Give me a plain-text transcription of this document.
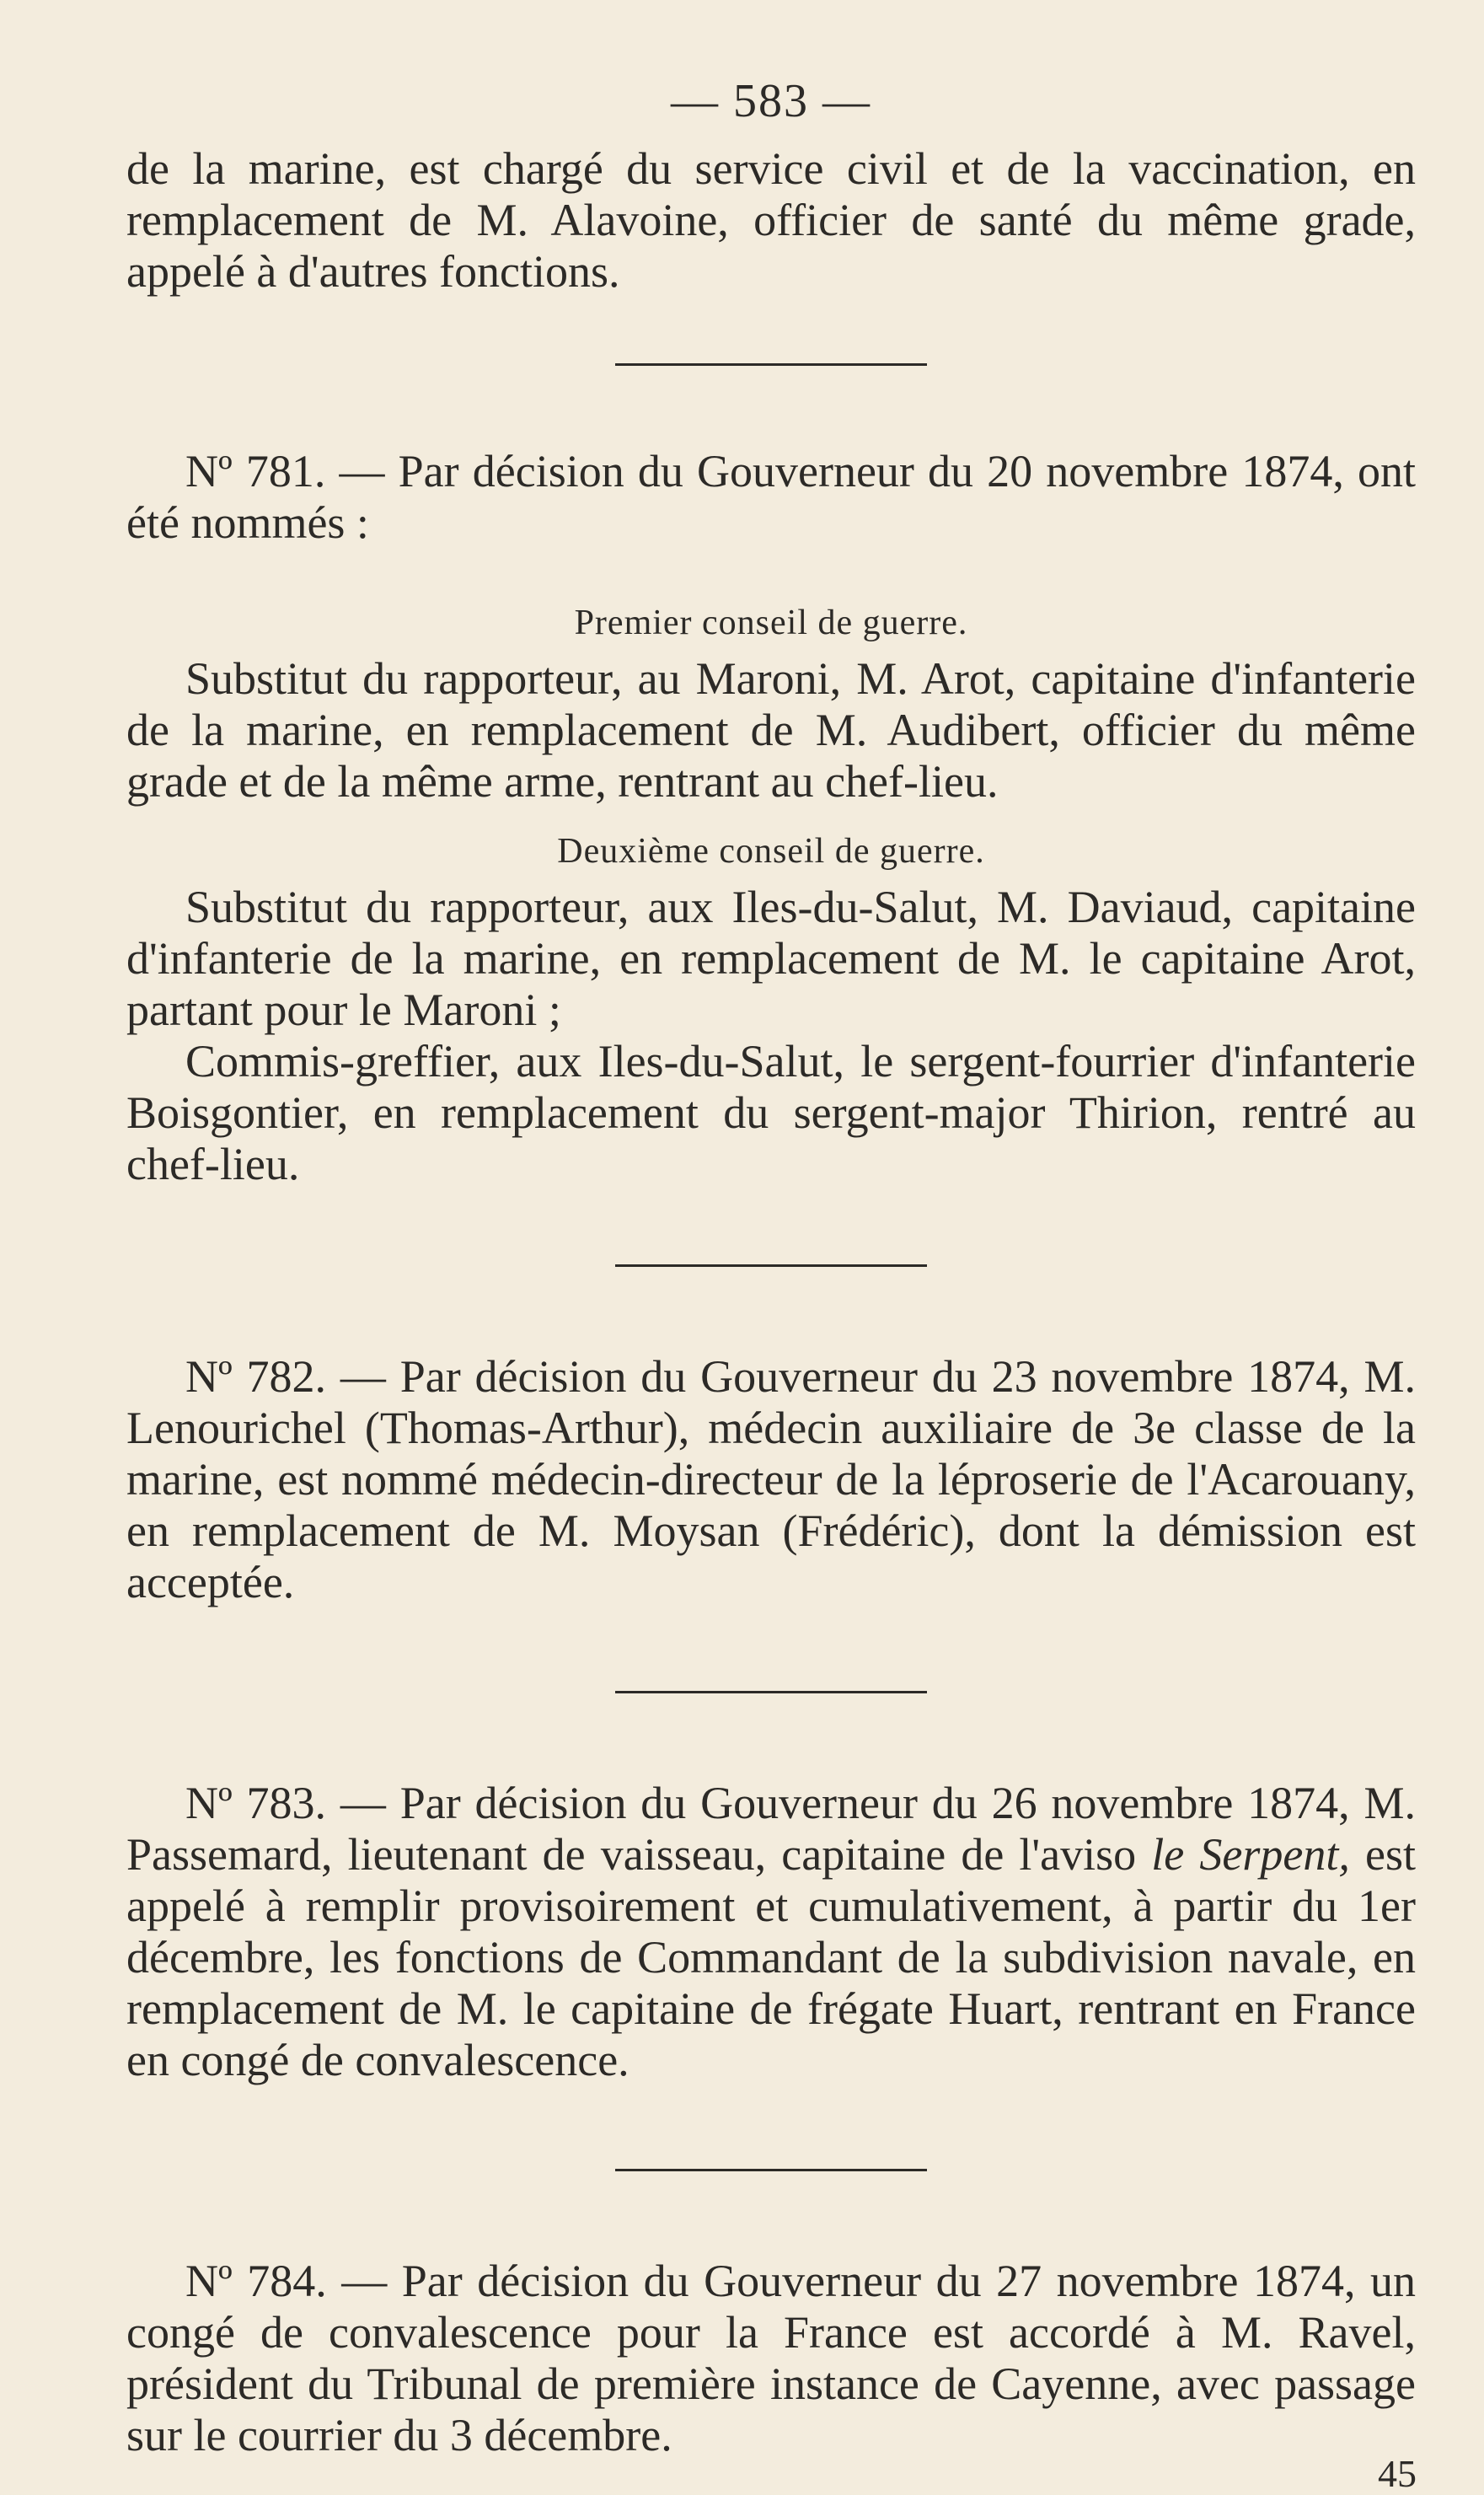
— 583 —

de la marine, est chargé du service civil et de la vaccination, en remplacement de M. Alavoine, officier de santé du même grade, appelé à d'autres fonctions.

Nº 781. — Par décision du Gouverneur du 20 novembre 1874, ont été nommés :

Premier conseil de guerre.

Substitut du rapporteur, au Maroni, M. Arot, capitaine d'infanterie de la marine, en remplacement de M. Audibert, officier du même grade et de la même arme, rentrant au chef-lieu.

Deuxième conseil de guerre.

Substitut du rapporteur, aux Iles-du-Salut, M. Daviaud, capitaine d'infanterie de la marine, en remplacement de M. le capitaine Arot, partant pour le Maroni ;

Commis-greffier, aux Iles-du-Salut, le sergent-fourrier d'infanterie Boisgontier, en remplacement du sergent-major Thirion, rentré au chef-lieu.

Nº 782. — Par décision du Gouverneur du 23 novembre 1874, M. Lenourichel (Thomas-Arthur), médecin auxiliaire de 3e classe de la marine, est nommé médecin-directeur de la léproserie de l'Acarouany, en remplacement de M. Moysan (Frédéric), dont la démission est acceptée.

Nº 783. — Par décision du Gouverneur du 26 novembre 1874, M. Passemard, lieutenant de vaisseau, capitaine de l'aviso le Serpent, est appelé à remplir provisoirement et cumulativement, à partir du 1er décembre, les fonctions de Commandant de la subdivision navale, en remplacement de M. le capitaine de frégate Huart, rentrant en France en congé de convalescence.

Nº 784. — Par décision du Gouverneur du 27 novembre 1874, un congé de convalescence pour la France est accordé à M. Ravel, président du Tribunal de première instance de Cayenne, avec passage sur le courrier du 3 décembre.

45
